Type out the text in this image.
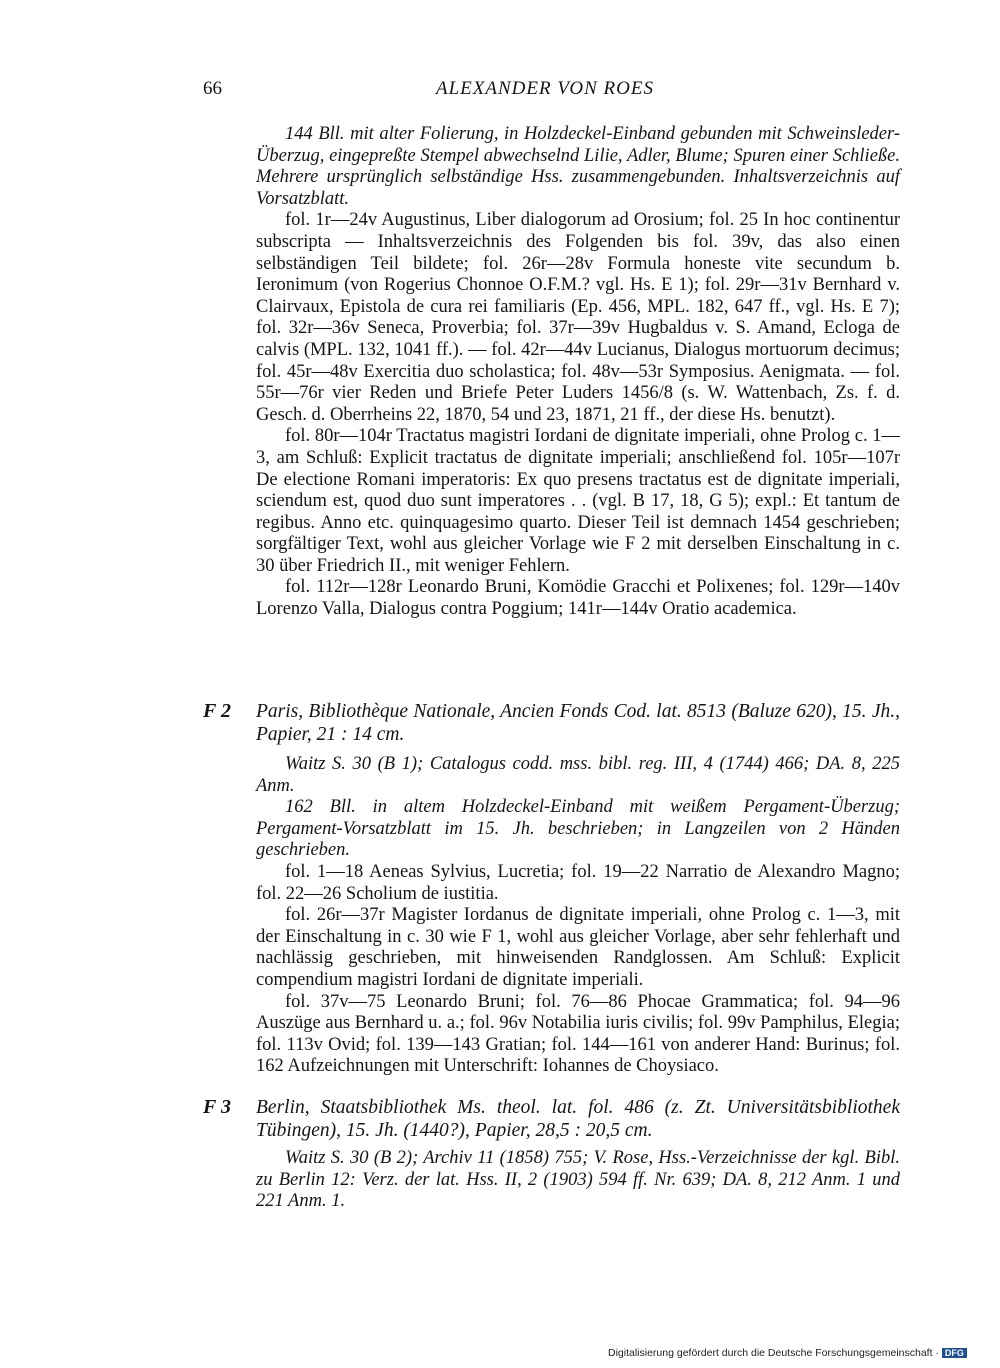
66	ALEXANDER VON ROES

144 Bll. mit alter Folierung, in Holzdeckel-Einband gebunden mit Schweinsleder-Überzug, eingepreßte Stempel abwechselnd Lilie, Adler, Blume; Spuren einer Schließe. Mehrere ursprünglich selbständige Hss. zusammengebunden. Inhaltsverzeichnis auf Vorsatzblatt.

fol. 1r—24v Augustinus, Liber dialogorum ad Orosium; fol. 25 In hoc continentur subscripta — Inhaltsverzeichnis des Folgenden bis fol. 39v, das also einen selbständigen Teil bildete; fol. 26r—28v Formula honeste vite secundum b. Ieronimum (von Rogerius Chonnoe O.F.M.? vgl. Hs. E 1); fol. 29r—31v Bernhard v. Clairvaux, Epistola de cura rei familiaris (Ep. 456, MPL. 182, 647 ff., vgl. Hs. E 7); fol. 32r—36v Seneca, Proverbia; fol. 37r—39v Hugbaldus v. S. Amand, Ecloga de calvis (MPL. 132, 1041 ff.). — fol. 42r—44v Lucianus, Dialogus mortuorum decimus; fol. 45r—48v Exercitia duo scholastica; fol. 48v—53r Symposius. Aenigmata. — fol. 55r—76r vier Reden und Briefe Peter Luders 1456/8 (s. W. Wattenbach, Zs. f. d. Gesch. d. Oberrheins 22, 1870, 54 und 23, 1871, 21 ff., der diese Hs. benutzt).

fol. 80r—104r Tractatus magistri Iordani de dignitate imperiali, ohne Prolog c. 1—3, am Schluß: Explicit tractatus de dignitate imperiali; anschließend fol. 105r—107r De electione Romani imperatoris: Ex quo presens tractatus est de dignitate imperiali, sciendum est, quod duo sunt imperatores . . (vgl. B 17, 18, G 5); expl.: Et tantum de regibus. Anno etc. quinquagesimo quarto. Dieser Teil ist demnach 1454 geschrieben; sorgfältiger Text, wohl aus gleicher Vorlage wie F 2 mit derselben Einschaltung in c. 30 über Friedrich II., mit weniger Fehlern.

fol. 112r—128r Leonardo Bruni, Komödie Gracchi et Polixenes; fol. 129r—140v Lorenzo Valla, Dialogus contra Poggium; 141r—144v Oratio academica.

F 2 Paris, Bibliothèque Nationale, Ancien Fonds Cod. lat. 8513 (Baluze 620), 15. Jh., Papier, 21 : 14 cm.

Waitz S. 30 (B 1); Catalogus codd. mss. bibl. reg. III, 4 (1744) 466; DA. 8, 225 Anm.

162 Bll. in altem Holzdeckel-Einband mit weißem Pergament-Überzug; Pergament-Vorsatzblatt im 15. Jh. beschrieben; in Langzeilen von 2 Händen geschrieben.

fol. 1—18 Aeneas Sylvius, Lucretia; fol. 19—22 Narratio de Alexandro Magno; fol. 22—26 Scholium de iustitia.

fol. 26r—37r Magister Iordanus de dignitate imperiali, ohne Prolog c. 1—3, mit der Einschaltung in c. 30 wie F 1, wohl aus gleicher Vorlage, aber sehr fehlerhaft und nachlässig geschrieben, mit hinweisenden Randglossen. Am Schluß: Explicit compendium magistri Iordani de dignitate imperiali.

fol. 37v—75 Leonardo Bruni; fol. 76—86 Phocae Grammatica; fol. 94—96 Auszüge aus Bernhard u. a.; fol. 96v Notabilia iuris civilis; fol. 99v Pamphilus, Elegia; fol. 113v Ovid; fol. 139—143 Gratian; fol. 144—161 von anderer Hand: Burinus; fol. 162 Aufzeichnungen mit Unterschrift: Iohannes de Choysiaco.

F 3 Berlin, Staatsbibliothek Ms. theol. lat. fol. 486 (z. Zt. Universitätsbibliothek Tübingen), 15. Jh. (1440?), Papier, 28,5 : 20,5 cm.

Waitz S. 30 (B 2); Archiv 11 (1858) 755; V. Rose, Hss.-Verzeichnisse der kgl. Bibl. zu Berlin 12: Verz. der lat. Hss. II, 2 (1903) 594 ff. Nr. 639; DA. 8, 212 Anm. 1 und 221 Anm. 1.

Digitalisierung gefördert durch die Deutsche Forschungsgemeinschaft · DFG
